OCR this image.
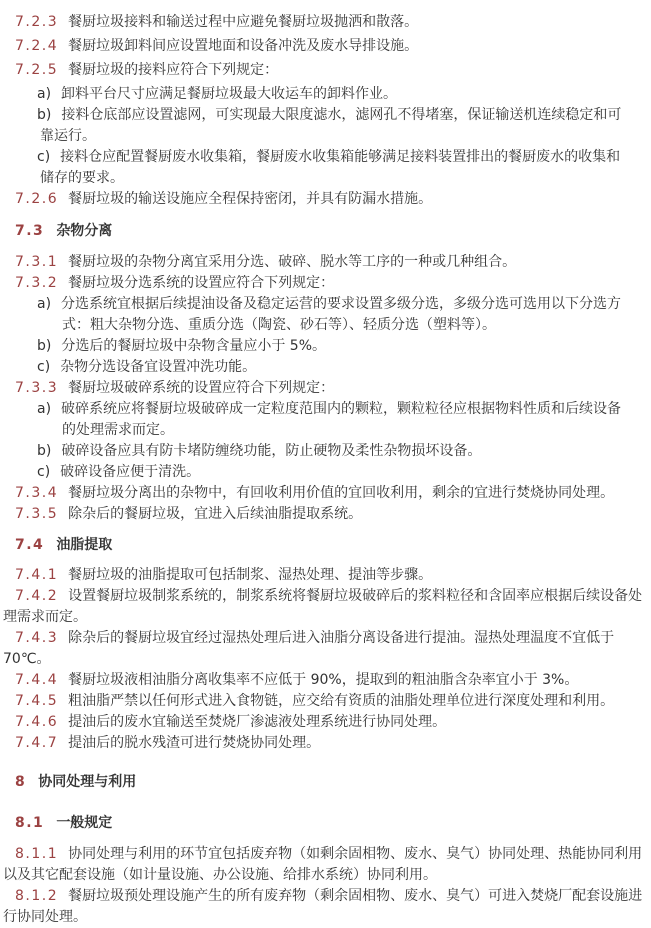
7.2.3 餐厨垃圾接料和输送过程中应避免餐厨垃圾抛洒和散落。
7.2.4 餐厨垃圾卸料间应设置地面和设备冲洗及废水导排设施。
7.2.5 餐厨垃圾的接料应符合下列规定：
a) 卸料平台尺寸应满足餐厨垃圾最大收运车的卸料作业。
b) 接料仓底部应设置滤网，可实现最大限度滤水，滤网孔不得堵塞，保证输送机连续稳定和可
靠运行。
c) 接料仓应配置餐厨废水收集箱，餐厨废水收集箱能够满足接料装置排出的餐厨废水的收集和
储存的要求。
7.2.6 餐厨垃圾的输送设施应全程保持密闭，并具有防漏水措施。
7.3 杂物分离
7.3.1 餐厨垃圾的杂物分离宜采用分选、破碎、脱水等工序的一种或几种组合。
7.3.2 餐厨垃圾分选系统的设置应符合下列规定：
a) 分选系统宜根据后续提油设备及稳定运营的要求设置多级分选，多级分选可选用以下分选方
式：粗大杂物分选、重质分选（陶瓷、砂石等）、轻质分选（塑料等）。
b) 分选后的餐厨垃圾中杂物含量应小于 5%。
c) 杂物分选设备宜设置冲洗功能。
7.3.3 餐厨垃圾破碎系统的设置应符合下列规定：
a) 破碎系统应将餐厨垃圾破碎成一定粒度范围内的颗粒，颗粒粒径应根据物料性质和后续设备
的处理需求而定。
b) 破碎设备应具有防卡堵防缠绕功能，防止硬物及柔性杂物损坏设备。
c) 破碎设备应便于清洗。
7.3.4 餐厨垃圾分离出的杂物中，有回收利用价值的宜回收利用，剩余的宜进行焚烧协同处理。
7.3.5 除杂后的餐厨垃圾，宜进入后续油脂提取系统。
7.4 油脂提取
7.4.1 餐厨垃圾的油脂提取可包括制浆、湿热处理、提油等步骤。
7.4.2 设置餐厨垃圾制浆系统的，制浆系统将餐厨垃圾破碎后的浆料粒径和含固率应根据后续设备处
理需求而定。
7.4.3 除杂后的餐厨垃圾宜经过湿热处理后进入油脂分离设备进行提油。湿热处理温度不宜低于
70℃。
7.4.4 餐厨垃圾液相油脂分离收集率不应低于 90%，提取到的粗油脂含杂率宜小于 3%。
7.4.5 粗油脂严禁以任何形式进入食物链，应交给有资质的油脂处理单位进行深度处理和利用。
7.4.6 提油后的废水宜输送至焚烧厂渗滤液处理系统进行协同处理。
7.4.7 提油后的脱水残渣可进行焚烧协同处理。
8 协同处理与利用
8.1 一般规定
8.1.1 协同处理与利用的环节宜包括废弃物（如剩余固相物、废水、臭气）协同处理、热能协同利用
以及其它配套设施（如计量设施、办公设施、给排水系统）协同利用。
8.1.2 餐厨垃圾预处理设施产生的所有废弃物（剩余固相物、废水、臭气）可进入焚烧厂配套设施进
行协同处理。
